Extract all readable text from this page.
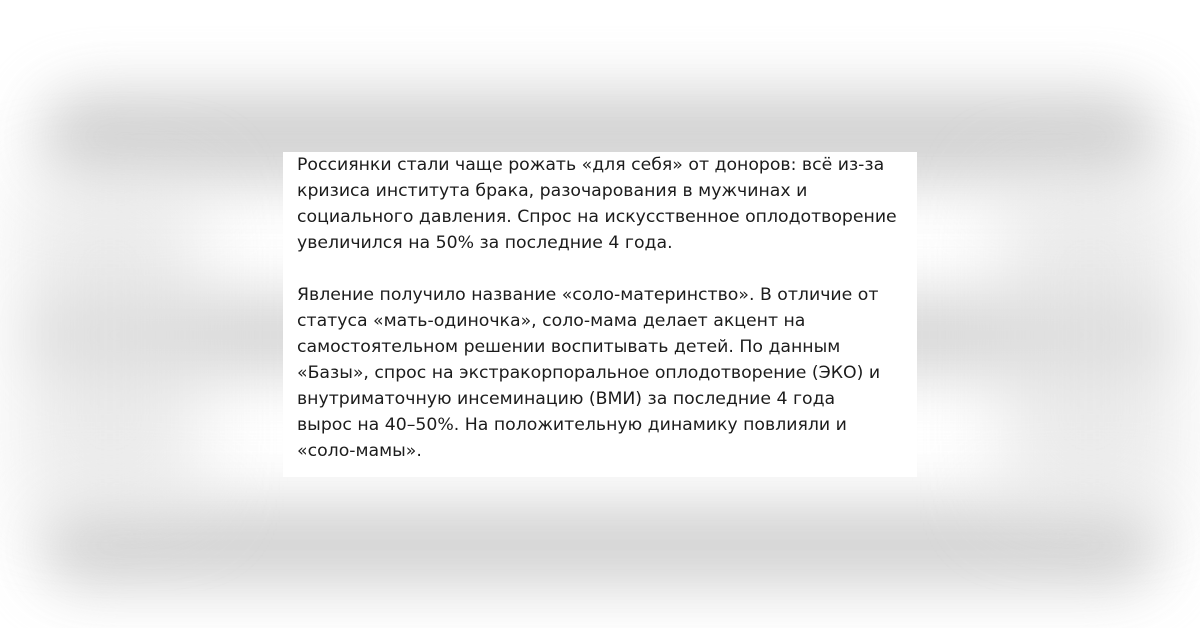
Россиянки стали чаще рожать «для себя» от доноров: всё из-за
кризиса института брака, разочарования в мужчинах и
социального давления. Спрос на искусственное оплодотворение
увеличился на 50% за последние 4 года.

Явление получило название «соло-материнство». В отличие от
статуса «мать-одиночка», соло-мама делает акцент на
самостоятельном решении воспитывать детей. По данным
«Базы», спрос на экстракорпоральное оплодотворение (ЭКО) и
внутриматочную инсеминацию (ВМИ) за последние 4 года
вырос на 40–50%. На положительную динамику повлияли и
«соло-мамы».
